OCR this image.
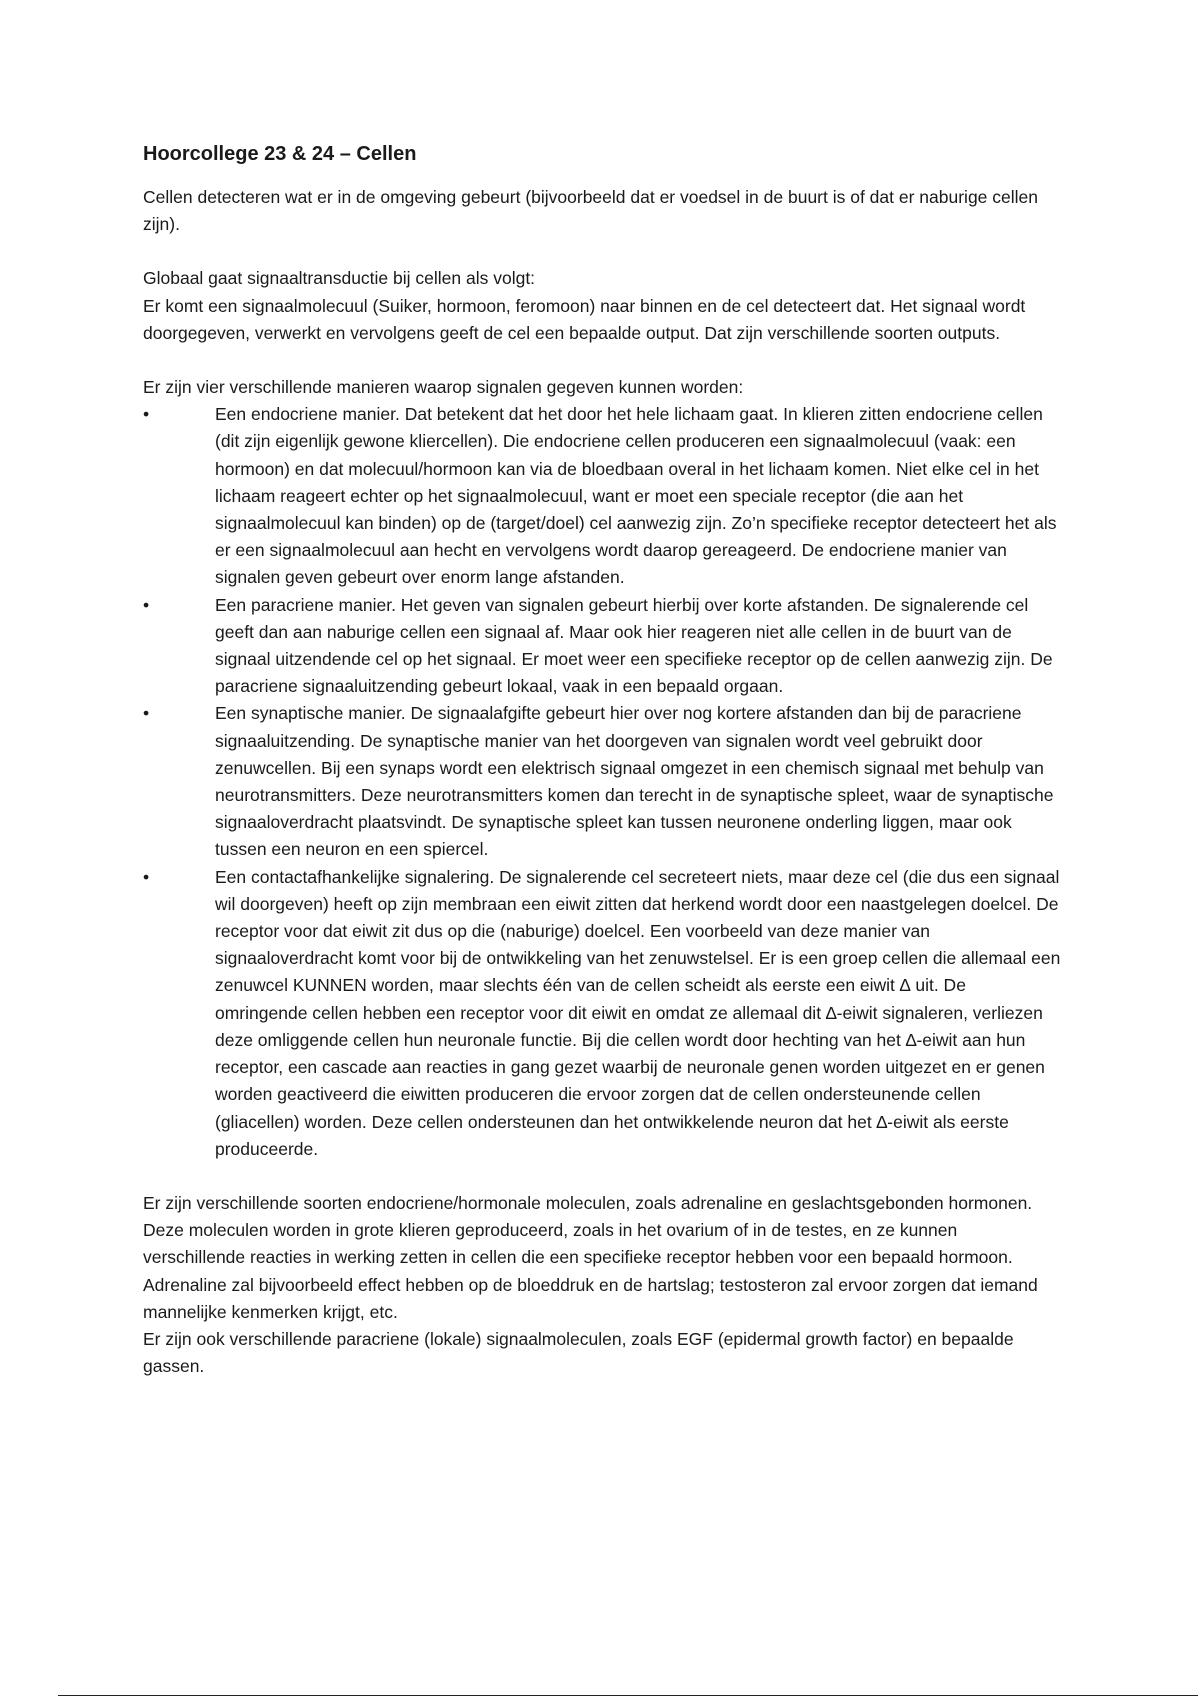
Hoorcollege 23 & 24 – Cellen

Cellen detecteren wat er in de omgeving gebeurt (bijvoorbeeld dat er voedsel in de buurt is of dat er naburige cellen zijn).

Globaal gaat signaaltransductie bij cellen als volgt:

Er komt een signaalmolecuul (Suiker, hormoon, feromoon) naar binnen en de cel detecteert dat. Het signaal wordt doorgegeven, verwerkt en vervolgens geeft de cel een bepaalde output. Dat zijn verschillende soorten outputs.

Er zijn vier verschillende manieren waarop signalen gegeven kunnen worden:

•	Een endocriene manier. Dat betekent dat het door het hele lichaam gaat. In klieren zitten endocriene cellen (dit zijn eigenlijk gewone kliercellen). Die endocriene cellen produceren een signaalmolecuul (vaak: een hormoon) en dat molecuul/hormoon kan via de bloedbaan overal in het lichaam komen. Niet elke cel in het lichaam reageert echter op het signaalmolecuul, want er moet een speciale receptor (die aan het signaalmolecuul kan binden) op de (target/doel) cel aanwezig zijn. Zo’n specifieke receptor detecteert het als er een signaalmolecuul aan hecht en vervolgens wordt daarop gereageerd. De endocriene manier van signalen geven gebeurt over enorm lange afstanden.
•	Een paracriene manier. Het geven van signalen gebeurt hierbij over korte afstanden. De signalerende cel geeft dan aan naburige cellen een signaal af. Maar ook hier reageren niet alle cellen in de buurt van de signaal uitzendende cel op het signaal. Er moet weer een specifieke receptor op de cellen aanwezig zijn. De paracriene signaaluitzending gebeurt lokaal, vaak in een bepaald orgaan.
•	Een synaptische manier. De signaalafgifte gebeurt hier over nog kortere afstanden dan bij de paracriene signaaluitzending. De synaptische manier van het doorgeven van signalen wordt veel gebruikt door zenuwcellen. Bij een synaps wordt een elektrisch signaal omgezet in een chemisch signaal met behulp van neurotransmitters. Deze neurotransmitters komen dan terecht in de synaptische spleet, waar de synaptische signaaloverdracht plaatsvindt. De synaptische spleet kan tussen neuronene onderling liggen, maar ook tussen een neuron en een spiercel.
•	Een contactafhankelijke signalering. De signalerende cel secreteert niets, maar deze cel (die dus een signaal wil doorgeven) heeft op zijn membraan een eiwit zitten dat herkend wordt door een naastgelegen doelcel. De receptor voor dat eiwit zit dus op die (naburige) doelcel. Een voorbeeld van deze manier van signaaloverdracht komt voor bij de ontwikkeling van het zenuwstelsel. Er is een groep cellen die allemaal een zenuwcel KUNNEN worden, maar slechts één van de cellen scheidt als eerste een eiwit ∆ uit. De omringende cellen hebben een receptor voor dit eiwit en omdat ze allemaal dit ∆-eiwit signaleren, verliezen deze omliggende cellen hun neuronale functie. Bij die cellen wordt door hechting van het ∆-eiwit aan hun receptor, een cascade aan reacties in gang gezet waarbij de neuronale genen worden uitgezet en er genen worden geactiveerd die eiwitten produceren die ervoor zorgen dat de cellen ondersteunende cellen (gliacellen) worden. Deze cellen ondersteunen dan het ontwikkelende neuron dat het ∆-eiwit als eerste produceerde.

Er zijn verschillende soorten endocriene/hormonale moleculen, zoals adrenaline en geslachtsgebonden hormonen. Deze moleculen worden in grote klieren geproduceerd, zoals in het ovarium of in de testes, en ze kunnen verschillende reacties in werking zetten in cellen die een specifieke receptor hebben voor een bepaald hormoon. Adrenaline zal bijvoorbeeld effect hebben op de bloeddruk en de hartslag; testosteron zal ervoor zorgen dat iemand mannelijke kenmerken krijgt, etc.

Er zijn ook verschillende paracriene (lokale) signaalmoleculen, zoals EGF (epidermal growth factor) en bepaalde gassen.
